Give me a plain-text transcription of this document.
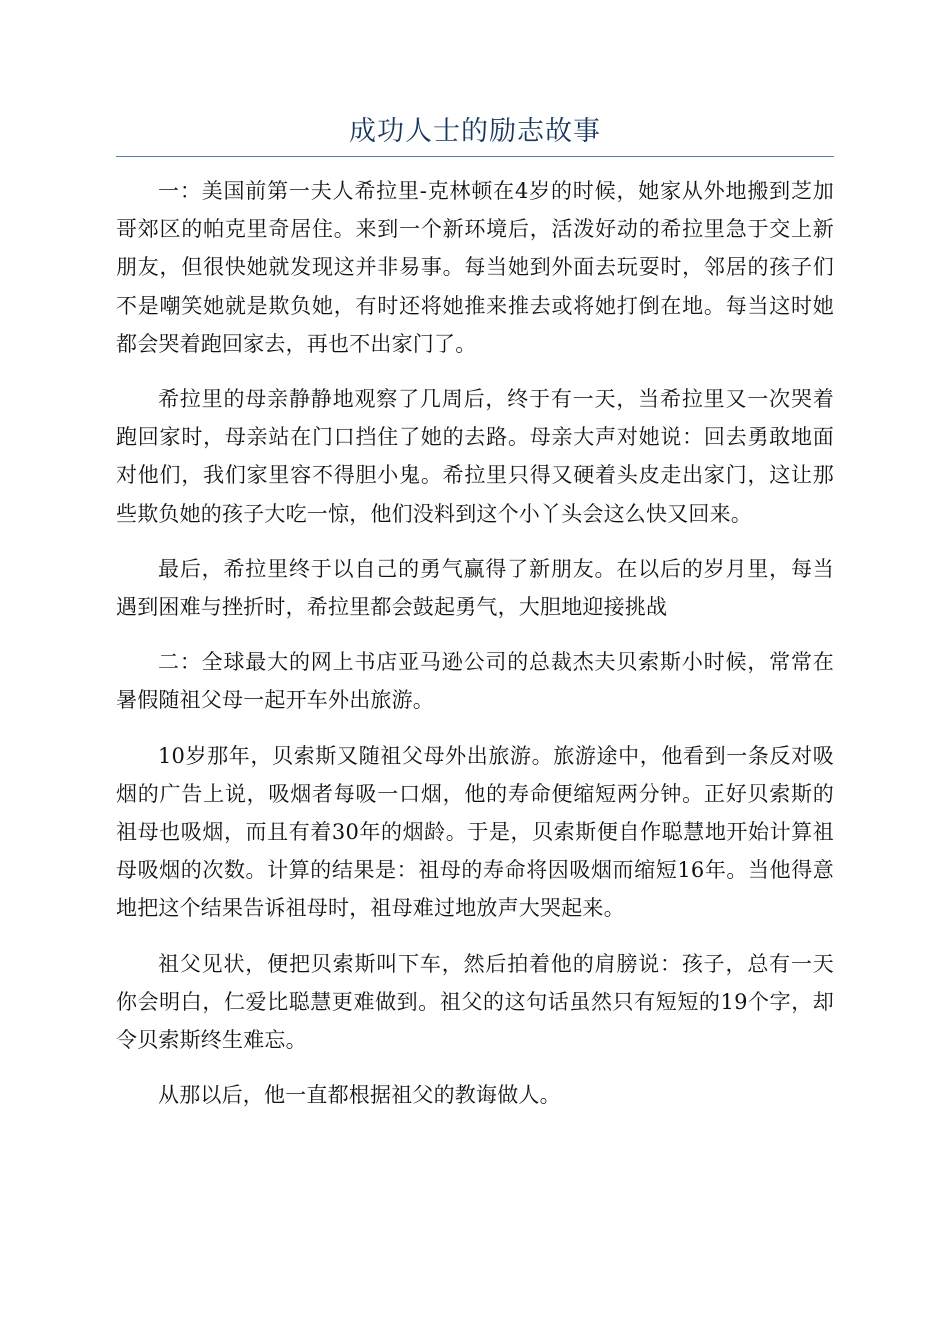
成功人士的励志故事

一：美国前第一夫人希拉里-克林顿在4岁的时候，她家从外地搬到芝加哥郊区的帕克里奇居住。来到一个新环境后，活泼好动的希拉里急于交上新朋友，但很快她就发现这并非易事。每当她到外面去玩耍时，邻居的孩子们不是嘲笑她就是欺负她，有时还将她推来推去或将她打倒在地。每当这时她都会哭着跑回家去，再也不出家门了。

希拉里的母亲静静地观察了几周后，终于有一天，当希拉里又一次哭着跑回家时，母亲站在门口挡住了她的去路。母亲大声对她说：回去勇敢地面对他们，我们家里容不得胆小鬼。希拉里只得又硬着头皮走出家门，这让那些欺负她的孩子大吃一惊，他们没料到这个小丫头会这么快又回来。

最后，希拉里终于以自己的勇气赢得了新朋友。在以后的岁月里，每当遇到困难与挫折时，希拉里都会鼓起勇气，大胆地迎接挑战

二：全球最大的网上书店亚马逊公司的总裁杰夫贝索斯小时候，常常在暑假随祖父母一起开车外出旅游。

10岁那年，贝索斯又随祖父母外出旅游。旅游途中，他看到一条反对吸烟的广告上说，吸烟者每吸一口烟，他的寿命便缩短两分钟。正好贝索斯的祖母也吸烟，而且有着30年的烟龄。于是，贝索斯便自作聪慧地开始计算祖母吸烟的次数。计算的结果是：祖母的寿命将因吸烟而缩短16年。当他得意地把这个结果告诉祖母时，祖母难过地放声大哭起来。

祖父见状，便把贝索斯叫下车，然后拍着他的肩膀说：孩子，总有一天你会明白，仁爱比聪慧更难做到。祖父的这句话虽然只有短短的19个字，却令贝索斯终生难忘。

从那以后，他一直都根据祖父的教诲做人。
